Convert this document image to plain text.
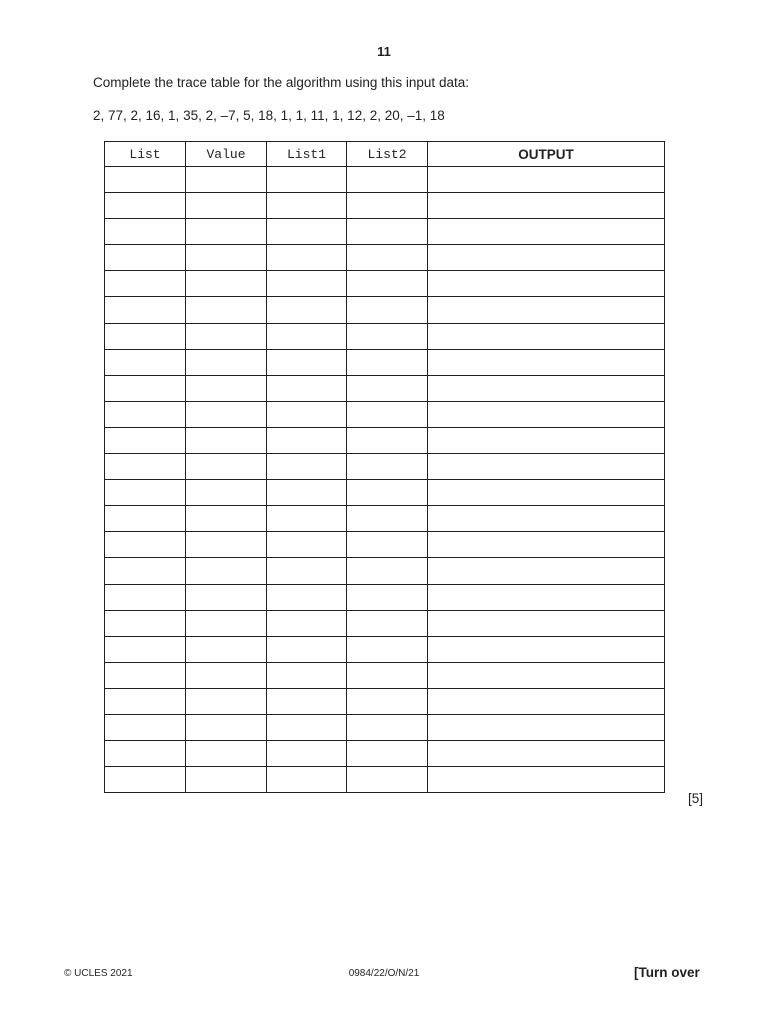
11
Complete the trace table for the algorithm using this input data:
2, 77, 2, 16, 1, 35, 2, –7, 5, 18, 1, 1, 11, 1, 12, 2, 20, –1, 18
List	Value	List1	List2	OUTPUT

[5]
© UCLES 2021	0984/22/O/N/21	[Turn over
